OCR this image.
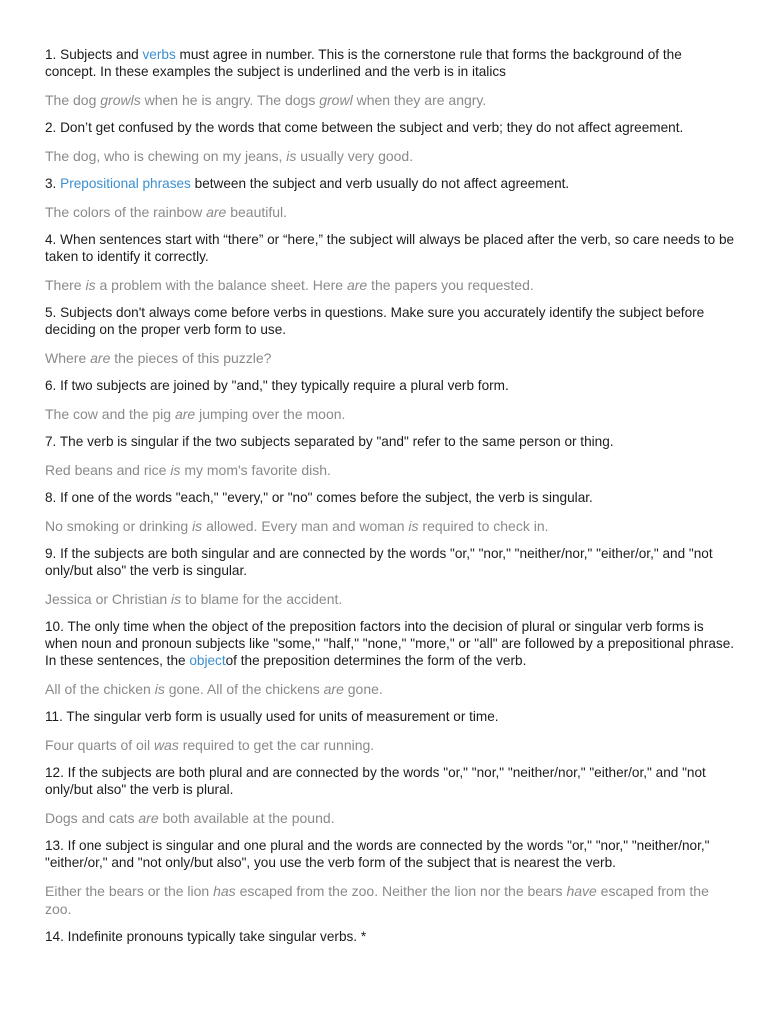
1. Subjects and verbs must agree in number. This is the cornerstone rule that forms the background of the concept. In these examples the subject is underlined and the verb is in italics

The dog growls when he is angry. The dogs growl when they are angry.

2. Don’t get confused by the words that come between the subject and verb; they do not affect agreement.

The dog, who is chewing on my jeans, is usually very good.

3. Prepositional phrases between the subject and verb usually do not affect agreement.

The colors of the rainbow are beautiful.

4. When sentences start with “there” or “here,” the subject will always be placed after the verb, so care needs to be taken to identify it correctly.

There is a problem with the balance sheet. Here are the papers you requested.

5. Subjects don't always come before verbs in questions. Make sure you accurately identify the subject before deciding on the proper verb form to use.

Where are the pieces of this puzzle?

6. If two subjects are joined by "and," they typically require a plural verb form.

The cow and the pig are jumping over the moon.

7. The verb is singular if the two subjects separated by "and" refer to the same person or thing.

Red beans and rice is my mom's favorite dish.

8. If one of the words "each," "every," or "no" comes before the subject, the verb is singular.

No smoking or drinking is allowed. Every man and woman is required to check in.

9. If the subjects are both singular and are connected by the words "or," "nor," "neither/nor," "either/or," and "not only/but also" the verb is singular.

Jessica or Christian is to blame for the accident.

10. The only time when the object of the preposition factors into the decision of plural or singular verb forms is when noun and pronoun subjects like "some," "half," "none," "more," or "all" are followed by a prepositional phrase. In these sentences, the objectof the preposition determines the form of the verb.

All of the chicken is gone. All of the chickens are gone.

11. The singular verb form is usually used for units of measurement or time.

Four quarts of oil was required to get the car running.

12. If the subjects are both plural and are connected by the words "or," "nor," "neither/nor," "either/or," and "not only/but also" the verb is plural.

Dogs and cats are both available at the pound.

13. If one subject is singular and one plural and the words are connected by the words "or," "nor," "neither/nor," "either/or," and "not only/but also", you use the verb form of the subject that is nearest the verb.

Either the bears or the lion has escaped from the zoo. Neither the lion nor the bears have escaped from the zoo.

14. Indefinite pronouns typically take singular verbs. *
